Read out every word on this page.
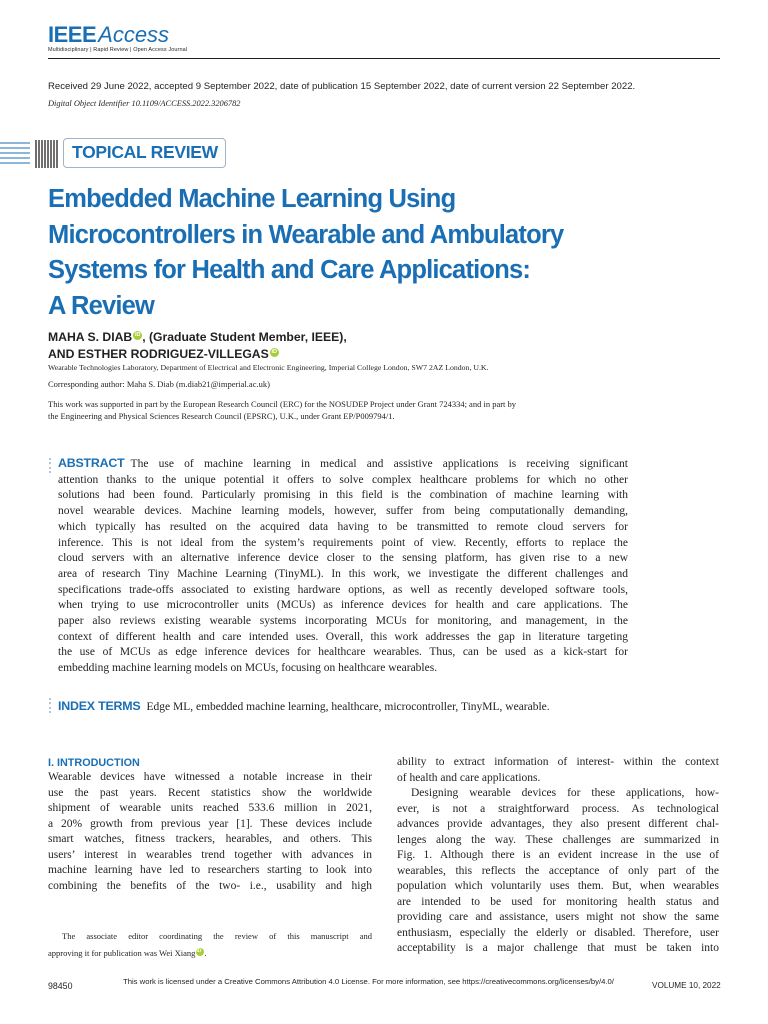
IEEEAccess
Multidisciplinary | Rapid Review | Open Access Journal
Received 29 June 2022, accepted 9 September 2022, date of publication 15 September 2022, date of current version 22 September 2022.
Digital Object Identifier 10.1109/ACCESS.2022.3206782
TOPICAL REVIEW
Embedded Machine Learning Using
Microcontrollers in Wearable and Ambulatory
Systems for Health and Care Applications:
A Review
MAHA S. DIAB iD , (Graduate Student Member, IEEE),
AND ESTHER RODRIGUEZ-VILLEGAS iD
Wearable Technologies Laboratory, Department of Electrical and Electronic Engineering, Imperial College London, SW7 2AZ London, U.K.
Corresponding author: Maha S. Diab (m.diab21@imperial.ac.uk)
This work was supported in part by the European Research Council (ERC) for the NOSUDEP Project under Grant 724334; and in part by
the Engineering and Physical Sciences Research Council (EPSRC), U.K., under Grant EP/P009794/1.
ABSTRACT The use of machine learning in medical and assistive applications is receiving significant
attention thanks to the unique potential it offers to solve complex healthcare problems for which no other
solutions had been found. Particularly promising in this field is the combination of machine learning with
novel wearable devices. Machine learning models, however, suffer from being computationally demanding,
which typically has resulted on the acquired data having to be transmitted to remote cloud servers for
inference. This is not ideal from the system’s requirements point of view. Recently, efforts to replace the
cloud servers with an alternative inference device closer to the sensing platform, has given rise to a new
area of research Tiny Machine Learning (TinyML). In this work, we investigate the different challenges and
specifications trade-offs associated to existing hardware options, as well as recently developed software tools,
when trying to use microcontroller units (MCUs) as inference devices for health and care applications. The
paper also reviews existing wearable systems incorporating MCUs for monitoring, and management, in the
context of different health and care intended uses. Overall, this work addresses the gap in literature targeting
the use of MCUs as edge inference devices for healthcare wearables. Thus, can be used as a kick-start for
embedding machine learning models on MCUs, focusing on healthcare wearables.
INDEX TERMS Edge ML, embedded machine learning, healthcare, microcontroller, TinyML, wearable.
I. INTRODUCTION
Wearable devices have witnessed a notable increase in their
use the past years. Recent statistics show the worldwide
shipment of wearable units reached 533.6 million in 2021,
a 20% growth from previous year [1]. These devices include
smart watches, fitness trackers, hearables, and others. This
users’ interest in wearables trend together with advances in
machine learning have led to researchers starting to look into
combining the benefits of the two- i.e., usability and high
The associate editor coordinating the review of this manuscript and
approving it for publication was Wei XiangiD .
ability to extract information of interest- within the context
of health and care applications.
Designing wearable devices for these applications, how-
ever, is not a straightforward process. As technological
advances provide advantages, they also present different chal-
lenges along the way. These challenges are summarized in
Fig. 1. Although there is an evident increase in the use of
wearables, this reflects the acceptance of only part of the
population which voluntarily uses them. But, when wearables
are intended to be used for monitoring health status and
providing care and assistance, users might not show the same
enthusiasm, especially the elderly or disabled. Therefore, user
acceptability is a major challenge that must be taken into
98450	This work is licensed under a Creative Commons Attribution 4.0 License. For more information, see https://creativecommons.org/licenses/by/4.0/	VOLUME 10, 2022
